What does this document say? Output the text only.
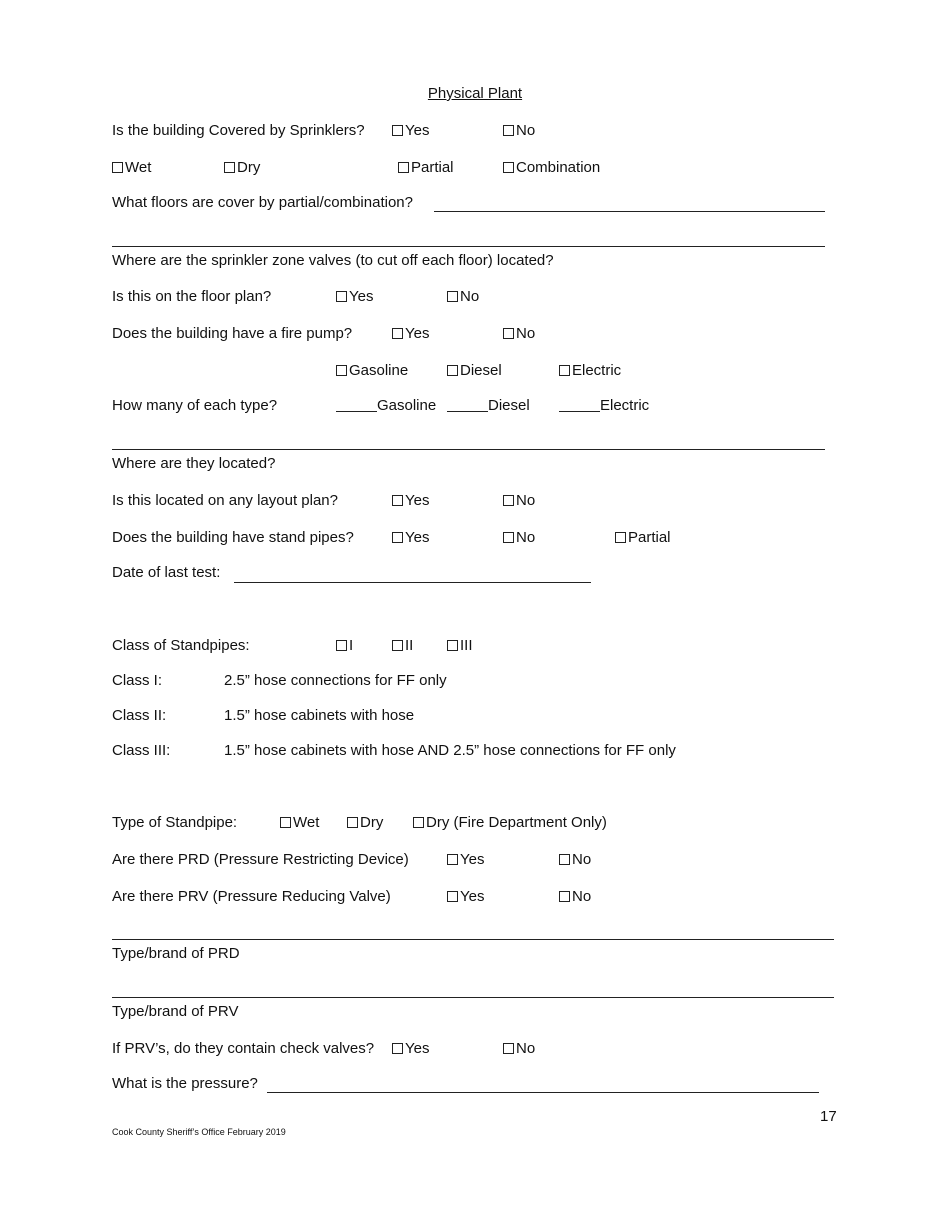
Physical Plant
Is the building Covered by Sprinklers?	Yes	No
Wet	Dry	Partial	Combination
What floors are cover by partial/combination?
Where are the sprinkler zone valves (to cut off each floor) located?
Is this on the floor plan?	Yes	No
Does the building have a fire pump?	Yes	No
Gasoline	Diesel	Electric
How many of each type?	Gasoline	Diesel	Electric
Where are they located?
Is this located on any layout plan?	Yes	No
Does the building have stand pipes?	Yes	No	Partial
Date of last test:
Class of Standpipes:	I	II	III
Class I:	2.5” hose connections for FF only
Class II:	1.5” hose cabinets with hose
Class III:	1.5” hose cabinets with hose AND 2.5” hose connections for FF only
Type of Standpipe:	Wet	Dry	Dry (Fire Department Only)
Are there PRD (Pressure Restricting Device)	Yes	No
Are there PRV (Pressure Reducing Valve)	Yes	No
Type/brand of PRD
Type/brand of PRV
If PRV’s, do they contain check valves?	Yes	No
What is the pressure?
17
Cook County Sheriff’s Office February 2019
